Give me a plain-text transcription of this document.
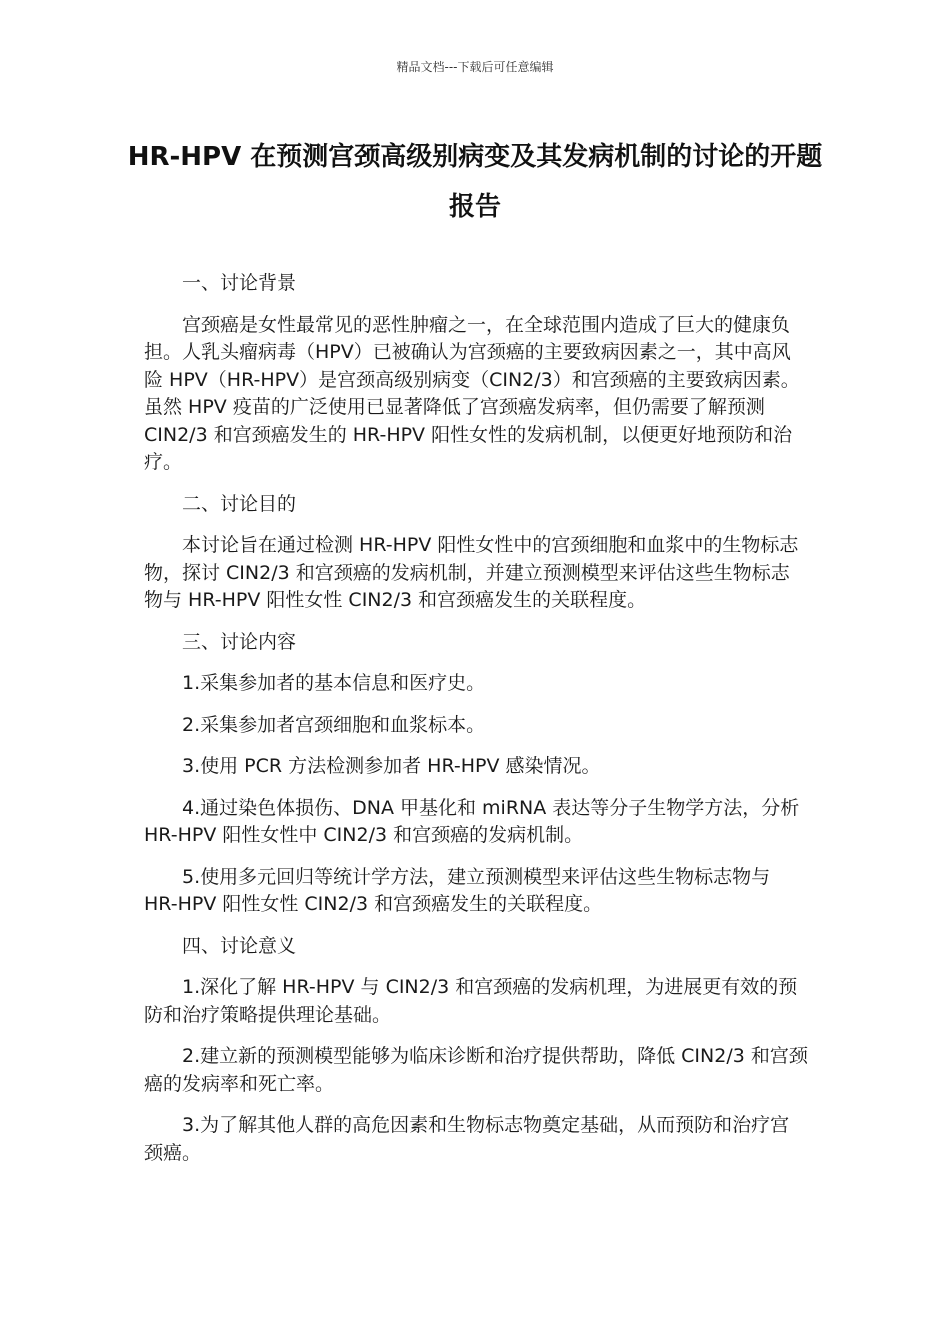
精品文档---下载后可任意编辑
HR-HPV 在预测宫颈高级别病变及其发病机制的讨论的开题报告

一、讨论背景

宫颈癌是女性最常见的恶性肿瘤之一，在全球范围内造成了巨大的健康负担。人乳头瘤病毒（HPV）已被确认为宫颈癌的主要致病因素之一，其中高风险 HPV（HR-HPV）是宫颈高级别病变（CIN2/3）和宫颈癌的主要致病因素。虽然 HPV 疫苗的广泛使用已显著降低了宫颈癌发病率，但仍需要了解预测 CIN2/3 和宫颈癌发生的 HR-HPV 阳性女性的发病机制，以便更好地预防和治疗。

二、讨论目的

本讨论旨在通过检测 HR-HPV 阳性女性中的宫颈细胞和血浆中的生物标志物，探讨 CIN2/3 和宫颈癌的发病机制，并建立预测模型来评估这些生物标志物与 HR-HPV 阳性女性 CIN2/3 和宫颈癌发生的关联程度。

三、讨论内容

1.采集参加者的基本信息和医疗史。

2.采集参加者宫颈细胞和血浆标本。

3.使用 PCR 方法检测参加者 HR-HPV 感染情况。

4.通过染色体损伤、DNA 甲基化和 miRNA 表达等分子生物学方法，分析 HR-HPV 阳性女性中 CIN2/3 和宫颈癌的发病机制。

5.使用多元回归等统计学方法，建立预测模型来评估这些生物标志物与 HR-HPV 阳性女性 CIN2/3 和宫颈癌发生的关联程度。

四、讨论意义

1.深化了解 HR-HPV 与 CIN2/3 和宫颈癌的发病机理，为进展更有效的预防和治疗策略提供理论基础。

2.建立新的预测模型能够为临床诊断和治疗提供帮助，降低 CIN2/3 和宫颈癌的发病率和死亡率。

3.为了解其他人群的高危因素和生物标志物奠定基础，从而预防和治疗宫颈癌。
